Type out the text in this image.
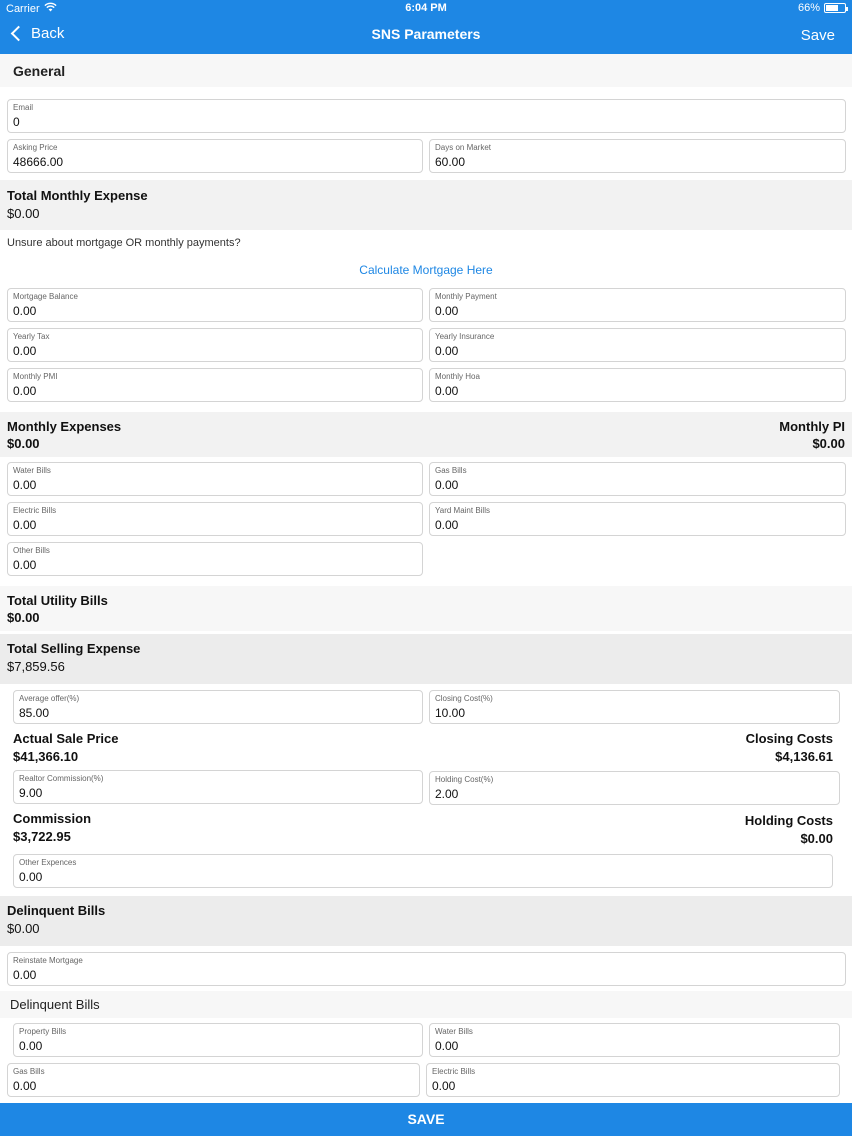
Carrier	6:04 PM	66%
Back	SNS Parameters	Save
General
Email
0
Asking Price
48666.00
Days on Market
60.00
Total Monthly Expense
$0.00
Unsure about mortgage OR monthly payments?
Calculate Mortgage Here
Mortgage Balance
0.00
Monthly Payment
0.00
Yearly Tax
0.00
Yearly Insurance
0.00
Monthly PMI
0.00
Monthly Hoa
0.00
Monthly Expenses
$0.00
Monthly PI
$0.00
Water Bills
0.00
Gas Bills
0.00
Electric Bills
0.00
Yard Maint Bills
0.00
Other Bills
0.00
Total Utility Bills
$0.00
Total Selling Expense
$7,859.56
Average offer(%)
85.00
Closing Cost(%)
10.00
Actual Sale Price
$41,366.10
Closing Costs
$4,136.61
Realtor Commission(%)
9.00
Holding Cost(%)
2.00
Commission
$3,722.95
Holding Costs
$0.00
Other Expences
0.00
Delinquent Bills
$0.00
Reinstate Mortgage
0.00
Delinquent Bills
Property Bills
0.00
Water Bills
0.00
Gas Bills
0.00
Electric Bills
0.00
SAVE
